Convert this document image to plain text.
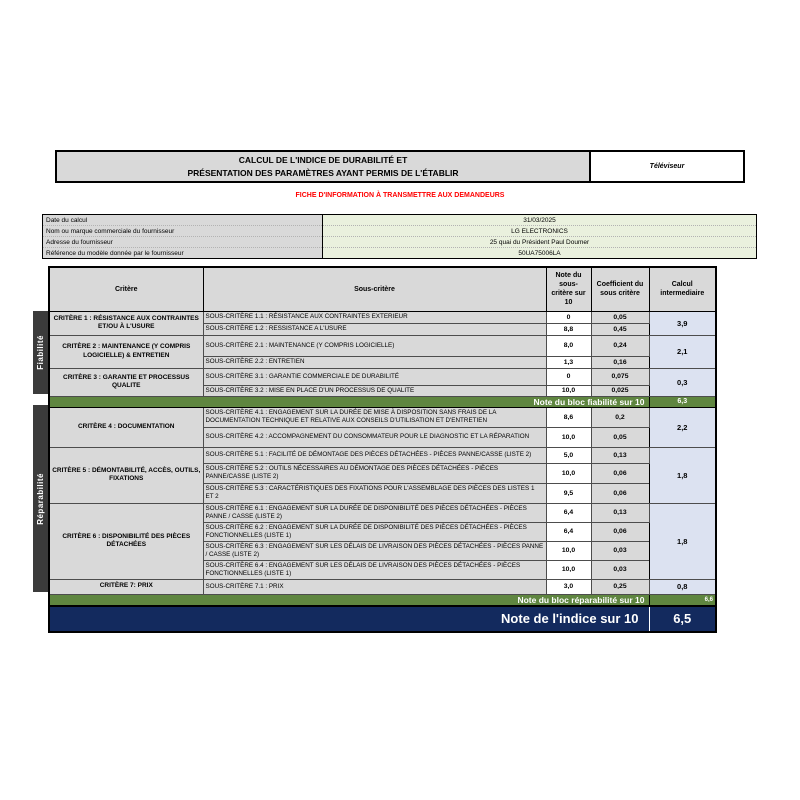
CALCUL DE L'INDICE DE DURABILITÉ ET
PRÉSENTATION DES PARAMÈTRES AYANT PERMIS DE L'ÉTABLIR
Téléviseur
FICHE D'INFORMATION À TRANSMETTRE AUX DEMANDEURS
Date du calcul	31/03/2025
Nom ou marque commerciale du fournisseur	LG ELECTRONICS
Adresse du fournisseur	25 quai du Président Paul Doumer
Référence du modèle donnée par le fournisseur	50UA75006LA
Fiabilité
Réparabilité
Critère	Sous-critère	Note du sous-critère sur 10	Coefficient du sous critère	Calcul intermediaire
CRITÈRE 1 : RÉSISTANCE AUX CONTRAINTES ET/OU À L'USURE	SOUS-CRITÈRE 1.1 : RÉSISTANCE AUX CONTRAINTES EXTERIEUR	0	0,05	3,9
	SOUS-CRITÈRE 1.2 : RESSISTANCE A L'USURE	8,8	0,45	
CRITÈRE 2 : MAINTENANCE (Y COMPRIS LOGICIELLE) & ENTRETIEN	SOUS-CRITÈRE 2.1 : MAINTENANCE (Y COMPRIS LOGICIELLE)	8,0	0,24	2,1
	SOUS-CRITÈRE 2.2 : ENTRETIEN	1,3	0,16	
CRITÈRE 3 : GARANTIE ET PROCESSUS QUALITE	SOUS-CRITÈRE 3.1 : GARANTIE COMMERCIALE DE DURABILITÉ	0	0,075	0,3
	SOUS-CRITÈRE 3.2 : MISE EN PLACE D'UN PROCESSUS DE QUALITE	10,0	0,025	
Note du bloc fiabilité sur 10				6,3
CRITÈRE 4 : DOCUMENTATION	SOUS-CRITÈRE 4.1 : ENGAGEMENT SUR LA DURÉE DE MISE À DISPOSITION SANS FRAIS DE LA DOCUMENTATION TECHNIQUE ET RELATIVE AUX CONSEILS D'UTILISATION ET D'ENTRETIEN	8,6	0,2	2,2
	SOUS-CRITÈRE 4.2 : ACCOMPAGNEMENT DU CONSOMMATEUR POUR LE DIAGNOSTIC ET LA RÉPARATION	10,0	0,05	
CRITÈRE 5 : DÉMONTABILITÉ, ACCÈS, OUTILS, FIXATIONS	SOUS-CRITÈRE 5.1 : FACILITÉ DE DÉMONTAGE DES PIÈCES DÉTACHÉES - PIÈCES PANNE/CASSE (LISTE 2)	5,0	0,13	1,8
	SOUS-CRITÈRE 5.2 : OUTILS NÉCESSAIRES AU DÉMONTAGE DES PIÈCES DÉTACHÉES - PIÈCES PANNE/CASSE (LISTE 2)	10,0	0,06	
	SOUS-CRITÈRE 5.3 : CARACTÉRISTIQUES DES FIXATIONS POUR L'ASSEMBLAGE DES PIÈCES DES LISTES 1 ET 2	9,5	0,06	
CRITÈRE 6 : DISPONIBILITÉ DES PIÈCES DÉTACHÉES	SOUS-CRITÈRE 6.1 : ENGAGEMENT SUR LA DURÉE DE DISPONIBILITÉ DES PIÈCES DÉTACHÉES - PIÈCES PANNE / CASSE (LISTE 2)	6,4	0,13	1,8
	SOUS-CRITÈRE 6.2 : ENGAGEMENT SUR LA DURÉE DE DISPONIBILITÉ DES PIÈCES DÉTACHÉES - PIÈCES FONCTIONNELLES (LISTE 1)	6,4	0,06	
	SOUS-CRITÈRE 6.3 : ENGAGEMENT SUR LES DÉLAIS DE LIVRAISON DES PIÈCES DÉTACHÉES - PIÈCES PANNE / CASSE (LISTE 2)	10,0	0,03	
	SOUS-CRITÈRE 6.4 : ENGAGEMENT SUR LES DÉLAIS DE LIVRAISON DES PIÈCES DÉTACHÉES - PIÈCES FONCTIONNELLES (LISTE 1)	10,0	0,03	
CRITÈRE 7: PRIX	SOUS-CRITÈRE 7.1 : PRIX	3,0	0,25	0,8
Note du bloc réparabilité sur 10				6,6
Note de l'indice sur 10				6,5
